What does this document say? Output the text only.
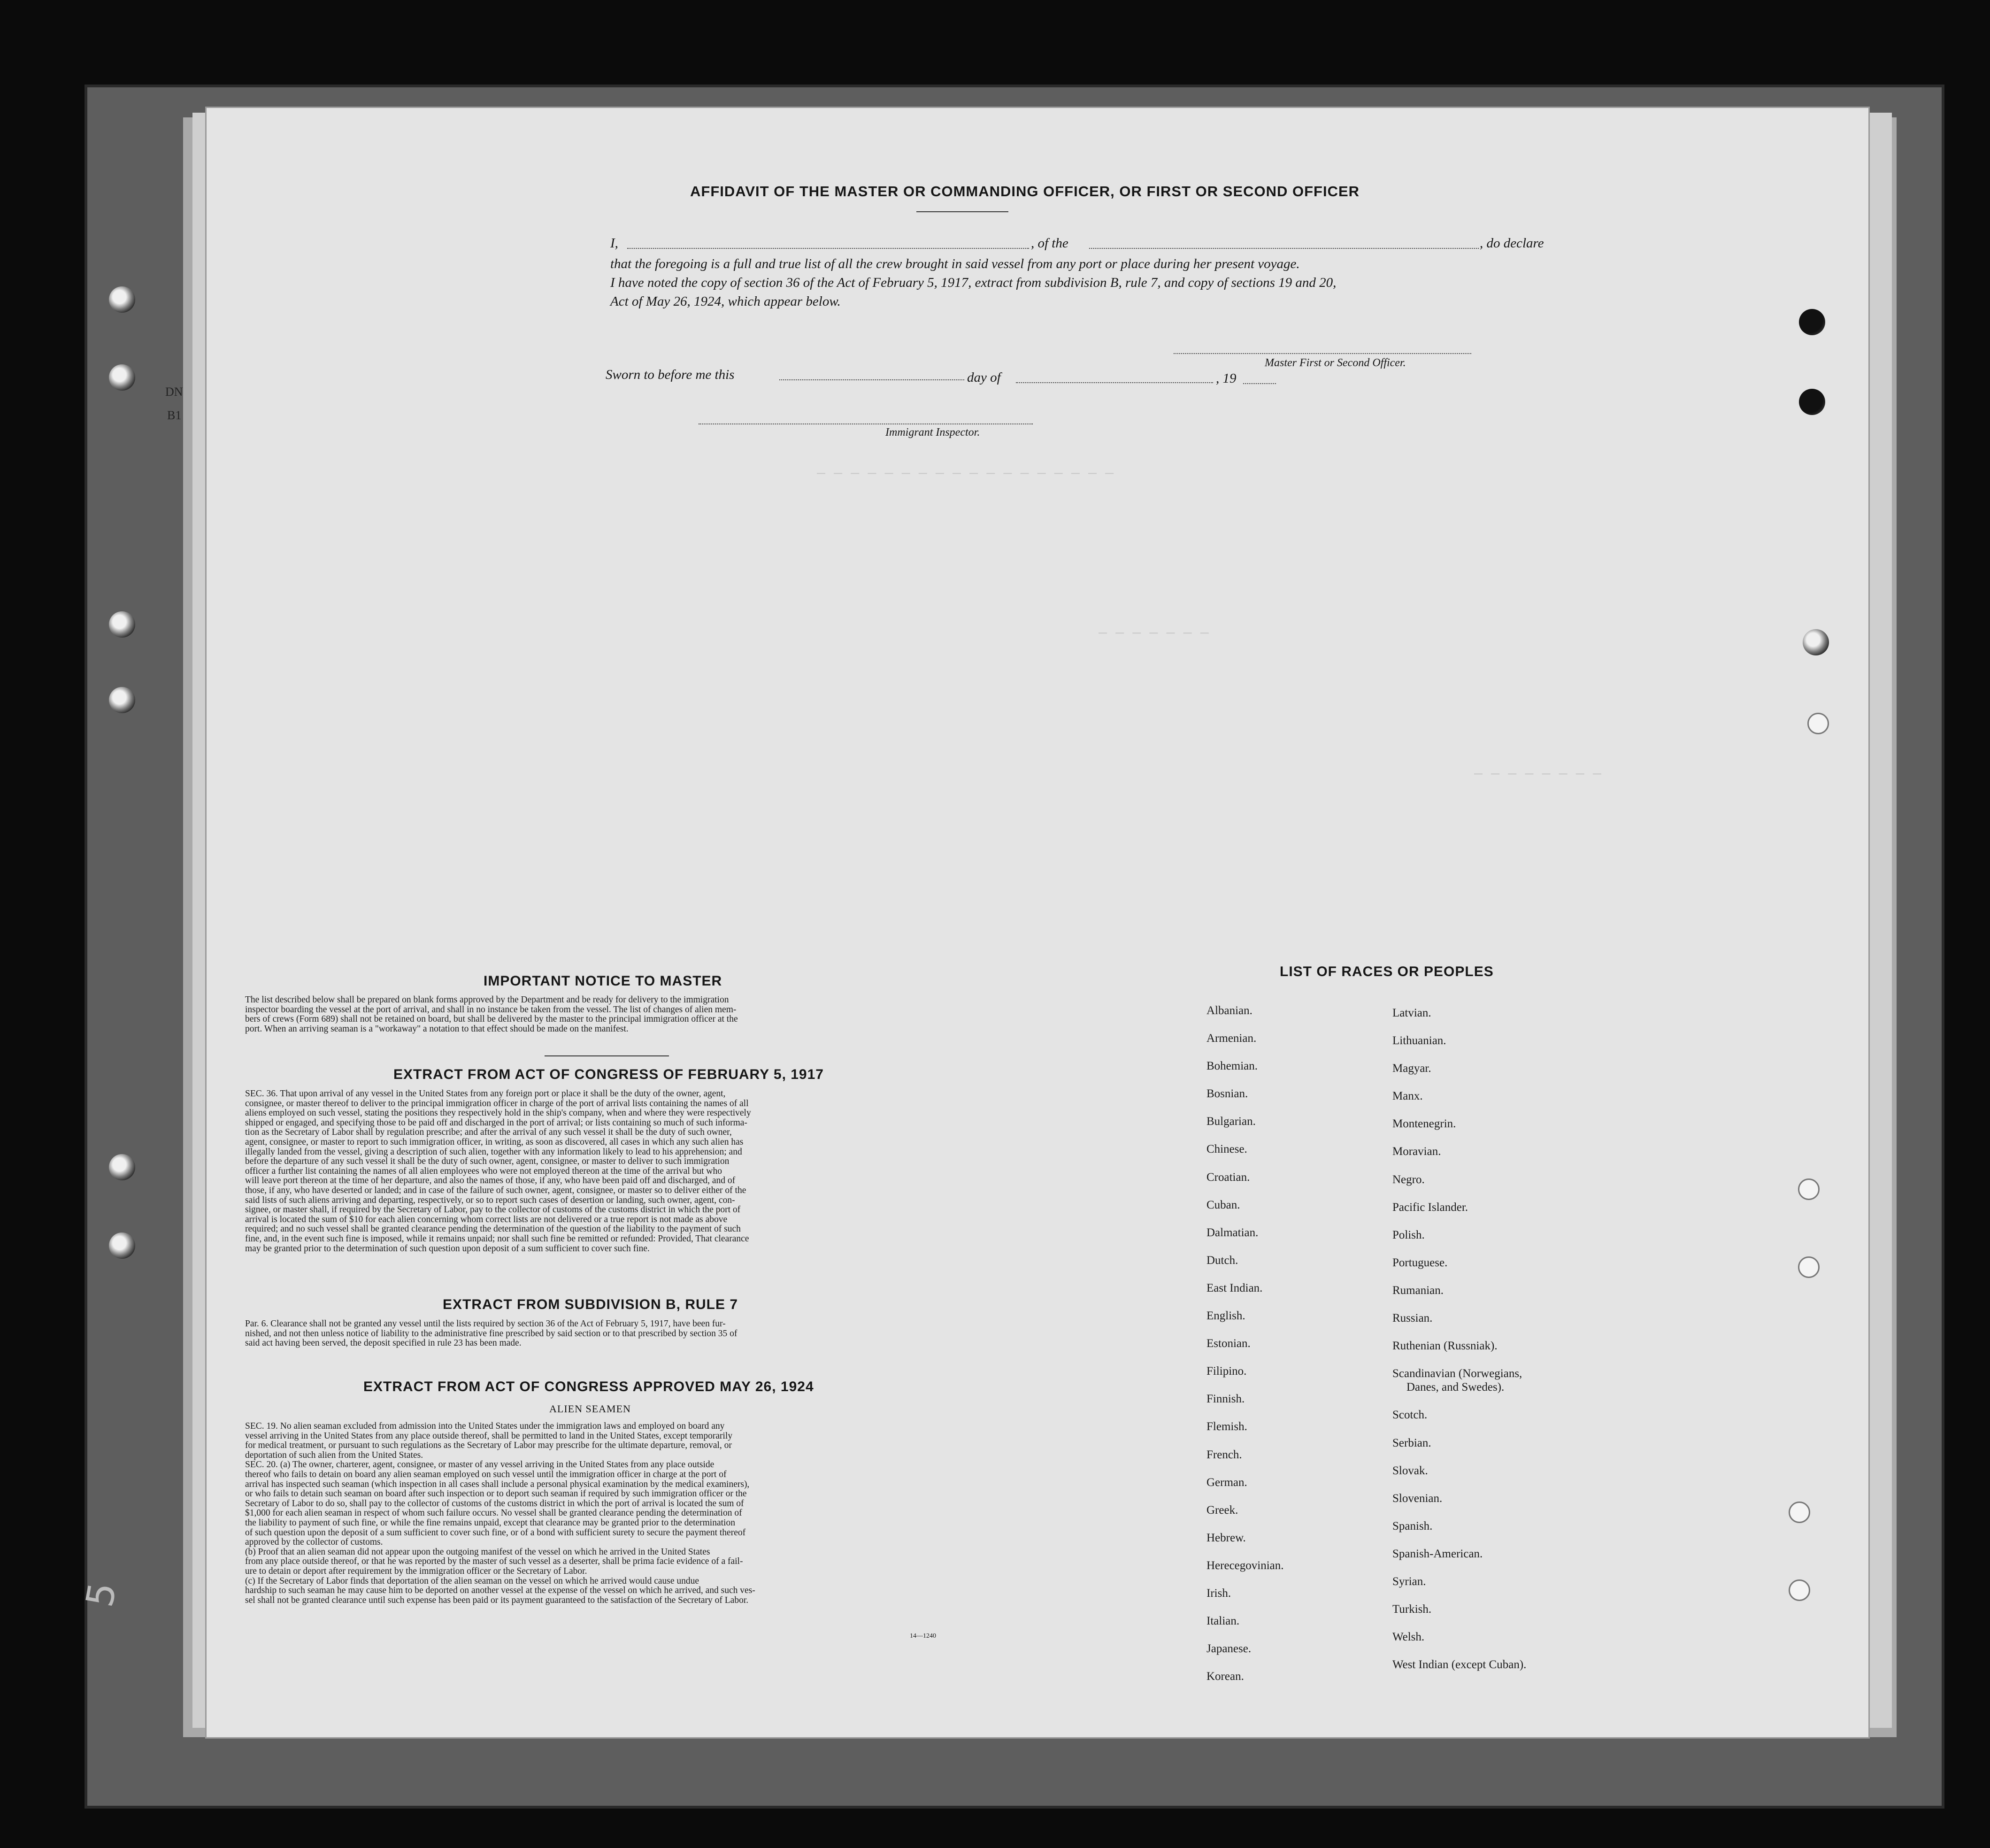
DN
B1
— — — — — — — — — — — — — — — — — —
— — — — — — —
— — — — — — — —
AFFIDAVIT OF THE MASTER OR COMMANDING OFFICER, OR FIRST OR SECOND OFFICER
I,	, of the	, do declare
that the foregoing is a full and true list of all the crew brought in said vessel from any port or place during her present voyage.
I have noted the copy of section 36 of the Act of February 5, 1917, extract from subdivision B, rule 7, and copy of sections 19 and 20,
Act of May 26, 1924, which appear below.
Master First or Second Officer.
Sworn to before me this	day of	, 19
Immigrant Inspector.
IMPORTANT NOTICE TO MASTER
The list described below shall be prepared on blank forms approved by the Department and be ready for delivery to the immigration
inspector boarding the vessel at the port of arrival, and shall in no instance be taken from the vessel. The list of changes of alien mem-
bers of crews (Form 689) shall not be retained on board, but shall be delivered by the master to the principal immigration officer at the
port. When an arriving seaman is a "workaway" a notation to that effect should be made on the manifest.
EXTRACT FROM ACT OF CONGRESS OF FEBRUARY 5, 1917
SEC. 36. That upon arrival of any vessel in the United States from any foreign port or place it shall be the duty of the owner, agent,
consignee, or master thereof to deliver to the principal immigration officer in charge of the port of arrival lists containing the names of all
aliens employed on such vessel, stating the positions they respectively hold in the ship's company, when and where they were respectively
shipped or engaged, and specifying those to be paid off and discharged in the port of arrival; or lists containing so much of such informa-
tion as the Secretary of Labor shall by regulation prescribe; and after the arrival of any such vessel it shall be the duty of such owner,
agent, consignee, or master to report to such immigration officer, in writing, as soon as discovered, all cases in which any such alien has
illegally landed from the vessel, giving a description of such alien, together with any information likely to lead to his apprehension; and
before the departure of any such vessel it shall be the duty of such owner, agent, consignee, or master to deliver to such immigration
officer a further list containing the names of all alien employees who were not employed thereon at the time of the arrival but who
will leave port thereon at the time of her departure, and also the names of those, if any, who have been paid off and discharged, and of
those, if any, who have deserted or landed; and in case of the failure of such owner, agent, consignee, or master so to deliver either of the
said lists of such aliens arriving and departing, respectively, or so to report such cases of desertion or landing, such owner, agent, con-
signee, or master shall, if required by the Secretary of Labor, pay to the collector of customs of the customs district in which the port of
arrival is located the sum of $10 for each alien concerning whom correct lists are not delivered or a true report is not made as above
required; and no such vessel shall be granted clearance pending the determination of the question of the liability to the payment of such
fine, and, in the event such fine is imposed, while it remains unpaid; nor shall such fine be remitted or refunded: Provided, That clearance
may be granted prior to the determination of such question upon deposit of a sum sufficient to cover such fine.
EXTRACT FROM SUBDIVISION B, RULE 7
Par. 6. Clearance shall not be granted any vessel until the lists required by section 36 of the Act of February 5, 1917, have been fur-
nished, and not then unless notice of liability to the administrative fine prescribed by said section or to that prescribed by section 35 of
said act having been served, the deposit specified in rule 23 has been made.
EXTRACT FROM ACT OF CONGRESS APPROVED MAY 26, 1924
ALIEN SEAMEN
SEC. 19. No alien seaman excluded from admission into the United States under the immigration laws and employed on board any
vessel arriving in the United States from any place outside thereof, shall be permitted to land in the United States, except temporarily
for medical treatment, or pursuant to such regulations as the Secretary of Labor may prescribe for the ultimate departure, removal, or
deportation of such alien from the United States.
SEC. 20. (a) The owner, charterer, agent, consignee, or master of any vessel arriving in the United States from any place outside
thereof who fails to detain on board any alien seaman employed on such vessel until the immigration officer in charge at the port of
arrival has inspected such seaman (which inspection in all cases shall include a personal physical examination by the medical examiners),
or who fails to detain such seaman on board after such inspection or to deport such seaman if required by such immigration officer or the
Secretary of Labor to do so, shall pay to the collector of customs of the customs district in which the port of arrival is located the sum of
$1,000 for each alien seaman in respect of whom such failure occurs. No vessel shall be granted clearance pending the determination of
the liability to payment of such fine, or while the fine remains unpaid, except that clearance may be granted prior to the determination
of such question upon the deposit of a sum sufficient to cover such fine, or of a bond with sufficient surety to secure the payment thereof
approved by the collector of customs.
(b) Proof that an alien seaman did not appear upon the outgoing manifest of the vessel on which he arrived in the United States
from any place outside thereof, or that he was reported by the master of such vessel as a deserter, shall be prima facie evidence of a fail-
ure to detain or deport after requirement by the immigration officer or the Secretary of Labor.
(c) If the Secretary of Labor finds that deportation of the alien seaman on the vessel on which he arrived would cause undue
hardship to such seaman he may cause him to be deported on another vessel at the expense of the vessel on which he arrived, and such ves-
sel shall not be granted clearance until such expense has been paid or its payment guaranteed to the satisfaction of the Secretary of Labor.
14—1240
LIST OF RACES OR PEOPLES
Albanian.
Armenian.
Bohemian.
Bosnian.
Bulgarian.
Chinese.
Croatian.
Cuban.
Dalmatian.
Dutch.
East Indian.
English.
Estonian.
Filipino.
Finnish.
Flemish.
French.
German.
Greek.
Hebrew.
Herecegovinian.
Irish.
Italian.
Japanese.
Korean.
Latvian.
Lithuanian.
Magyar.
Manx.
Montenegrin.
Moravian.
Negro.
Pacific Islander.
Polish.
Portuguese.
Rumanian.
Russian.
Ruthenian (Russniak).
Scandinavian (Norwegians,
Danes, and Swedes).
Scotch.
Serbian.
Slovak.
Slovenian.
Spanish.
Spanish-American.
Syrian.
Turkish.
Welsh.
West Indian (except Cuban).
5
